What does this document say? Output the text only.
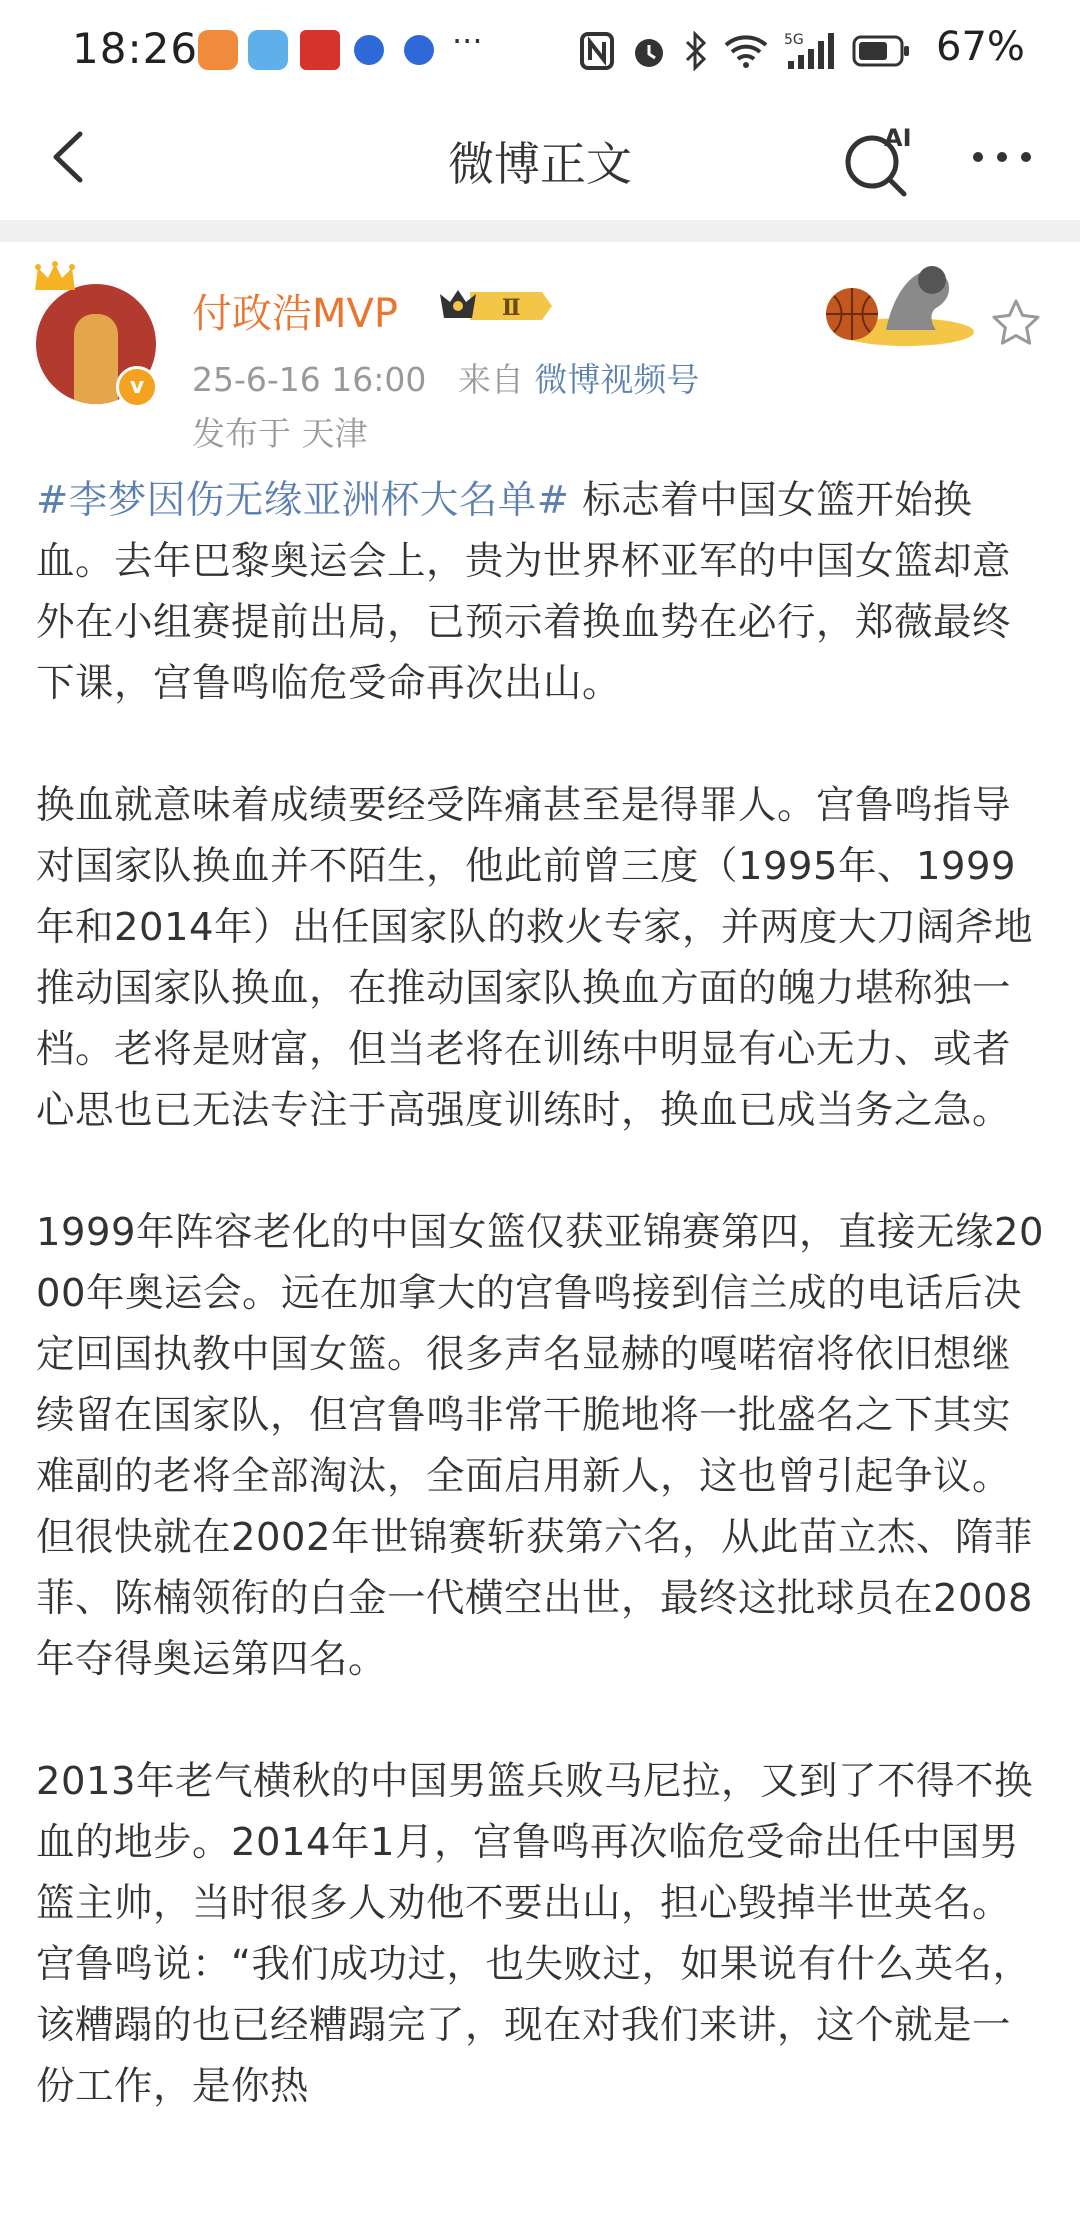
18:26	···	5G	67%
微博正文	AI
v
付政浩MVP	Ⅱ
25-6-16 16:00 来自 微博视频号
发布于 天津

#李梦因伤无缘亚洲杯大名单# 标志着中国女篮开始换血。去年巴黎奥运会上，贵为世界杯亚军的中国女篮却意外在小组赛提前出局，已预示着换血势在必行，郑薇最终下课，宫鲁鸣临危受命再次出山。

换血就意味着成绩要经受阵痛甚至是得罪人。宫鲁鸣指导对国家队换血并不陌生，他此前曾三度（1995年、1999年和2014年）出任国家队的救火专家，并两度大刀阔斧地推动国家队换血，在推动国家队换血方面的魄力堪称独一档。老将是财富，但当老将在训练中明显有心无力、或者心思也已无法专注于高强度训练时，换血已成当务之急。

1999年阵容老化的中国女篮仅获亚锦赛第四，直接无缘2000年奥运会。远在加拿大的宫鲁鸣接到信兰成的电话后决定回国执教中国女篮。很多声名显赫的嘎喏宿将依旧想继续留在国家队，但宫鲁鸣非常干脆地将一批盛名之下其实难副的老将全部淘汰，全面启用新人，这也曾引起争议。但很快就在2002年世锦赛斩获第六名，从此苗立杰、隋菲菲、陈楠领衔的白金一代横空出世，最终这批球员在2008年夺得奥运第四名。

2013年老气横秋的中国男篮兵败马尼拉，又到了不得不换血的地步。2014年1月，宫鲁鸣再次临危受命出任中国男篮主帅，当时很多人劝他不要出山，担心毁掉半世英名。宫鲁鸣说：“我们成功过，也失败过，如果说有什么英名，该糟蹋的也已经糟蹋完了，现在对我们来讲，这个就是一份工作，是你热
